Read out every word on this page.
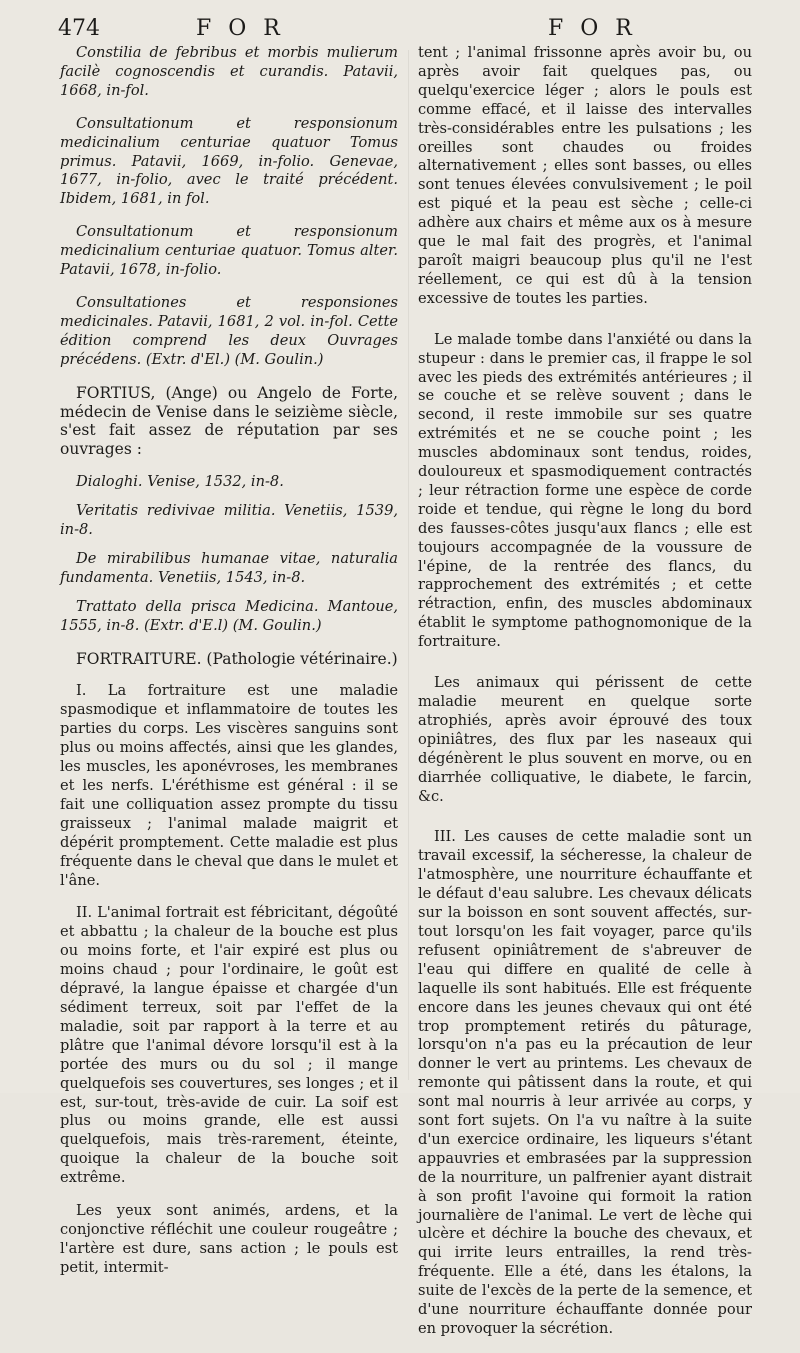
474	F O R	F O R

Constilia de febribus et morbis mulierum facilè cognoscendis et curandis. Patavii, 1668, in-fol.

Consultationum et responsionum medicinalium centuriae quatuor Tomus primus. Patavii, 1669, in-folio. Genevae, 1677, in-folio, avec le traité précédent. Ibidem, 1681, in fol.

Consultationum et responsionum medicinalium centuriae quatuor. Tomus alter. Patavii, 1678, in-folio.

Consultationes et responsiones medicinales. Patavii, 1681, 2 vol. in-fol. Cette édition comprend les deux Ouvrages précédens. (Extr. d'El.) (M. Goulin.)

FORTIUS, (Ange) ou Angelo de Forte, médecin de Venise dans le seizième siècle, s'est fait assez de réputation par ses ouvrages :

Dialoghi. Venise, 1532, in-8.

Veritatis redivivae militia. Venetiis, 1539, in-8.

De mirabilibus humanae vitae, naturalia fundamenta. Venetiis, 1543, in-8.

Trattato della prisca Medicina. Mantoue, 1555, in-8. (Extr. d'E.l) (M. Goulin.)

FORTRAITURE. (Pathologie vétérinaire.)

I. La fortraiture est une maladie spasmodique et inflammatoire de toutes les parties du corps. Les viscères sanguins sont plus ou moins affectés, ainsi que les glandes, les muscles, les aponévroses, les membranes et les nerfs. L'éréthisme est général : il se fait une colliquation assez prompte du tissu graisseux ; l'animal malade maigrit et dépérit promptement. Cette maladie est plus fréquente dans le cheval que dans le mulet et l'âne.

II. L'animal fortrait est fébricitant, dégoûté et abbattu ; la chaleur de la bouche est plus ou moins forte, et l'air expiré est plus ou moins chaud ; pour l'ordinaire, le goût est dépravé, la langue épaisse et chargée d'un sédiment terreux, soit par l'effet de la maladie, soit par rapport à la terre et au plâtre que l'animal dévore lorsqu'il est à la portée des murs ou du sol ; il mange quelquefois ses couvertures, ses longes ; et il est, sur-tout, très-avide de cuir. La soif est plus ou moins grande, elle est aussi quelquefois, mais très-rarement, éteinte, quoique la chaleur de la bouche soit extrême.

Les yeux sont animés, ardens, et la conjonctive réfléchit une couleur rougeâtre ; l'artère est dure, sans action ; le pouls est petit, intermit-

tent ; l'animal frissonne après avoir bu, ou après avoir fait quelques pas, ou quelqu'exercice léger ; alors le pouls est comme effacé, et il laisse des intervalles très-considérables entre les pulsations ; les oreilles sont chaudes ou froides alternativement ; elles sont basses, ou elles sont tenues élevées convulsivement ; le poil est piqué et la peau est sèche ; celle-ci adhère aux chairs et même aux os à mesure que le mal fait des progrès, et l'animal paroît maigri beaucoup plus qu'il ne l'est réellement, ce qui est dû à la tension excessive de toutes les parties.

Le malade tombe dans l'anxiété ou dans la stupeur : dans le premier cas, il frappe le sol avec les pieds des extrémités antérieures ; il se couche et se relève souvent ; dans le second, il reste immobile sur ses quatre extrémités et ne se couche point ; les muscles abdominaux sont tendus, roides, douloureux et spasmodiquement contractés ; leur rétraction forme une espèce de corde roide et tendue, qui règne le long du bord des fausses-côtes jusqu'aux flancs ; elle est toujours accompagnée de la voussure de l'épine, de la rentrée des flancs, du rapprochement des extrémités ; et cette rétraction, enfin, des muscles abdominaux établit le symptome pathognomonique de la fortraiture.

Les animaux qui périssent de cette maladie meurent en quelque sorte atrophiés, après avoir éprouvé des toux opiniâtres, des flux par les naseaux qui dégénèrent le plus souvent en morve, ou en diarrhée colliquative, le diabete, le farcin, &c.

III. Les causes de cette maladie sont un travail excessif, la sécheresse, la chaleur de l'atmosphère, une nourriture échauffante et le défaut d'eau salubre. Les chevaux délicats sur la boisson en sont souvent affectés, sur-tout lorsqu'on les fait voyager, parce qu'ils refusent opiniâtrement de s'abreuver de l'eau qui differe en qualité de celle à laquelle ils sont habitués. Elle est fréquente encore dans les jeunes chevaux qui ont été trop promptement retirés du pâturage, lorsqu'on n'a pas eu la précaution de leur donner le vert au printems. Les chevaux de remonte qui pâtissent dans la route, et qui sont mal nourris à leur arrivée au corps, y sont fort sujets. On l'a vu naître à la suite d'un exercice ordinaire, les liqueurs s'étant appauvries et embrasées par la suppression de la nourriture, un palfrenier ayant distrait à son profit l'avoine qui formoit la ration journalière de l'animal. Le vert de lèche qui ulcère et déchire la bouche des chevaux, et qui irrite leurs entrailles, la rend très-fréquente. Elle a été, dans les étalons, la suite de l'excès de la perte de la semence, et d'une nourriture échauffante donnée pour en provoquer la sécrétion.
